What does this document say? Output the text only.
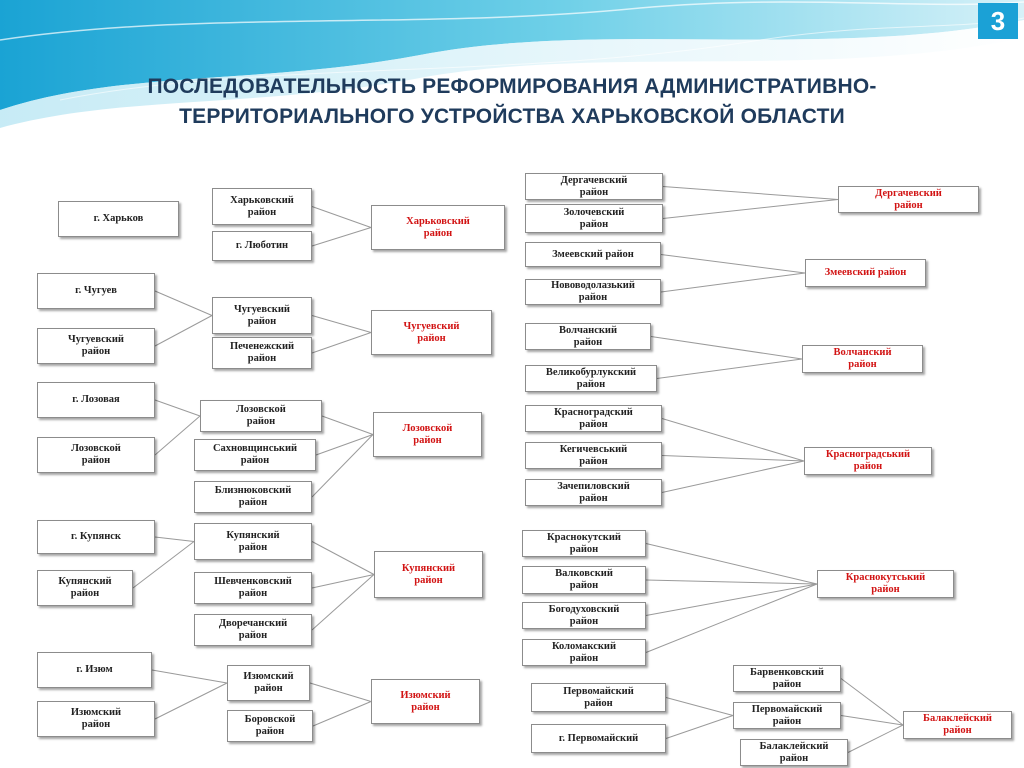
3
ПОСЛЕДОВАТЕЛЬНОСТЬ РЕФОРМИРОВАНИЯ АДМИНИСТРАТИВНО-ТЕРРИТОРИАЛЬНОГО УСТРОЙСТВА ХАРЬКОВСКОЙ ОБЛАСТИ
г. Харьков
Харьковский
район
г. Люботин
Харьковский
район
г. Чугуев
Чугуевский
район
Чугуевский
район
Печенежский
район
Чугуевский
район
г. Лозовая
Лозовской
район
Лозовской
район
Сахновщинський
район
Близнюковский
район
Лозовской
район
г. Купянск
Купянский
район
Купянский
район
Шевченковский
район
Двоpечанский
район
Купянский
район
г. Изюм
Изюмский
район
Изюмский
район
Боровской
район
Изюмский
район
Дергачевский
район
Золочевский
район
Дергачевский
район
Змеевский район
Нововодолазький
район
Змеевский район
Волчанский
район
Великобурлукский
район
Волчанский
район
Красноградский
район
Кегичевський
район
Зачепиловский
район
Красноградський
район
Краснокутский
район
Валковский
район
Богодуховский
район
Коломакский
район
Краснокутський
район
Первомайский
район
г. Первомайский
Барвенковский
район
Первомайский
район
Балаклейский
район
Балаклейский
район
